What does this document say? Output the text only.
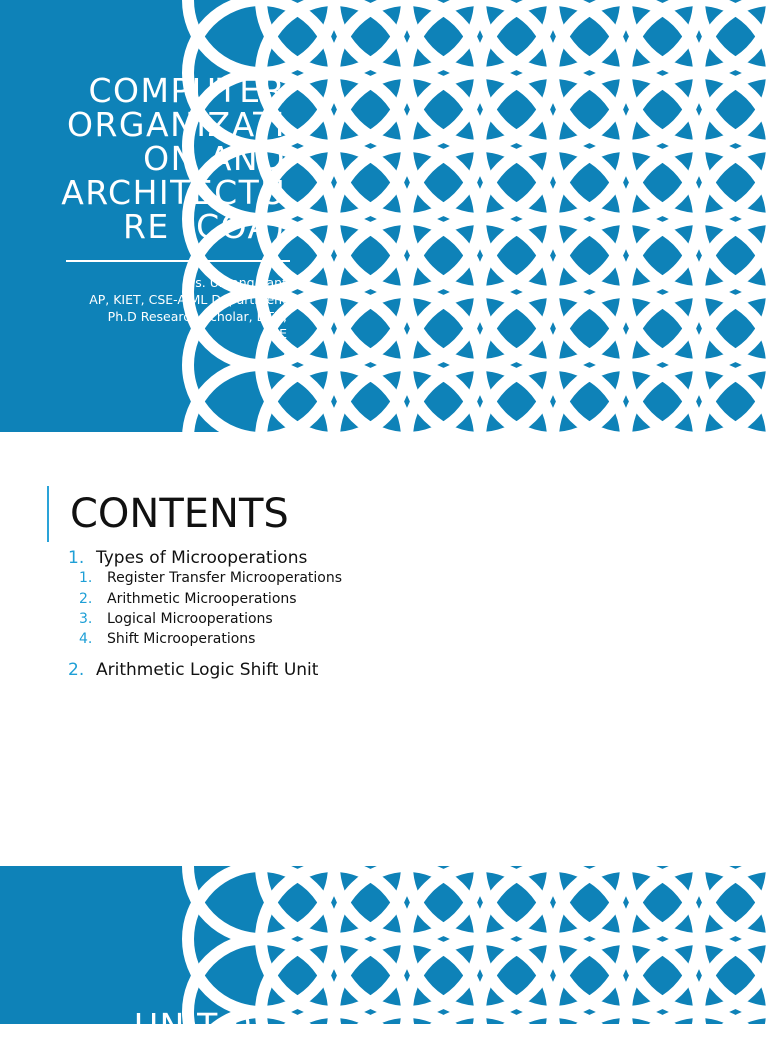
COMPUTER
ORGANIZATI
ON AND
ARCHITECTU
RE (COA)
Ms. Umang Kant
AP, KIET, CSE-AIML Department
Ph.D Research Scholar, DTU,
CSE
)
CONTENTS
1. Types of Microoperations
1. Register Transfer Microoperations
2. Arithmetic Microoperations
3. Logical Microoperations
4. Shift Microoperations
2. Arithmetic Logic Shift Unit
UNIT 01
